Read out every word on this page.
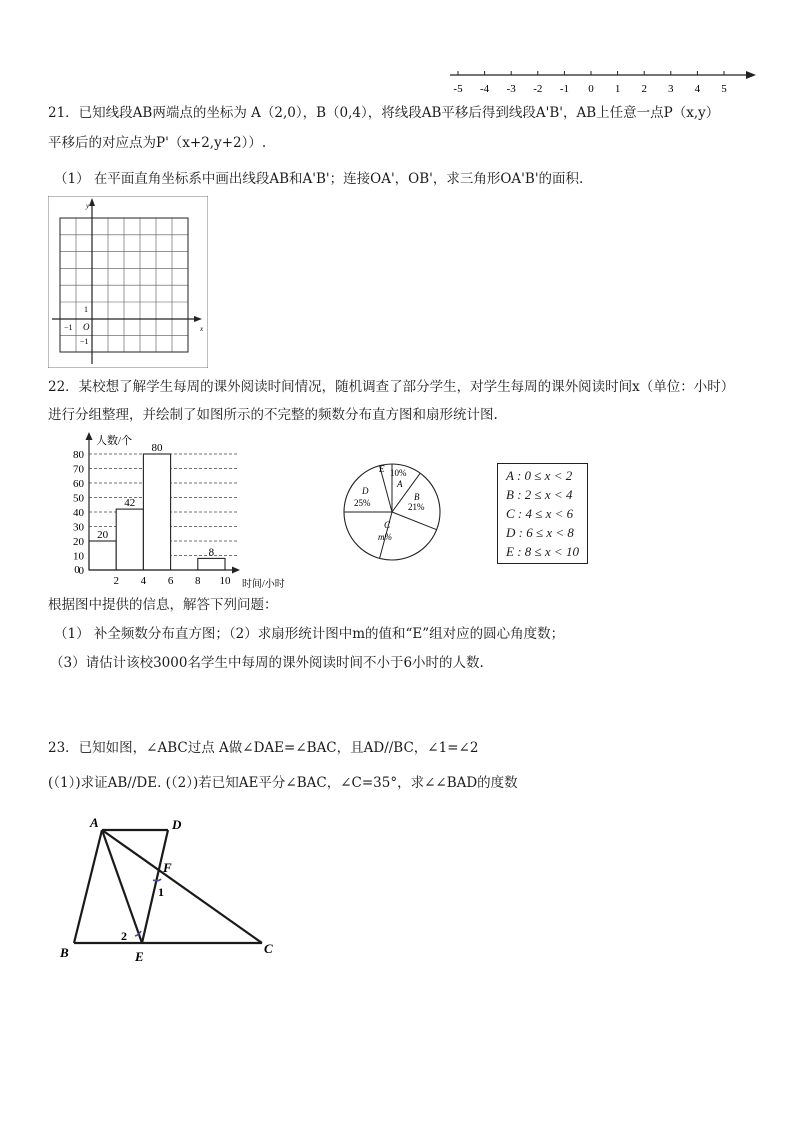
-5 -4 -3 -2 -1 0 1 2 3 4 5
21．已知线段AB两端点的坐标为 A（2,0），B（0,4），将线段AB平移后得到线段A'B'，AB上任意一点P（x,y）
平移后的对应点为P'（x+2,y+2））.
（1） 在平面直角坐标系中画出线段AB和A'B'；连接OA'，OB'，求三角形OA'B'的面积.
y
x
O
1
−1
−1
22．某校想了解学生每周的课外阅读时间情况，随机调查了部分学生，对学生每周的课外阅读时间x（单位：小时）
进行分组整理，并绘制了如图所示的不完整的频数分布直方图和扇形统计图.
20
42
80
8
0
10
20
30
40
50
60
70
80
0
2 4 6 8 10
人数/个
时间/小时
E 10%
A
B
21%
D
25%
C
m%
A : 0 ≤ x < 2
B : 2 ≤ x < 4
C : 4 ≤ x < 6
D : 6 ≤ x < 8
E : 8 ≤ x < 10
根据图中提供的信息，解答下列问题：
（1） 补全频数分布直方图；（2）求扇形统计图中m的值和“E”组对应的圆心角度数；
（3）请估计该校3000名学生中每周的课外阅读时间不小于6小时的人数.
23．已知如图，∠ABC过点 A做∠DAE=∠BAC，且AD//BC，∠1=∠2
(（1）)求证AB//DE. (（2）)若已知AE平分∠BAC，∠C=35°，求∠∠BAD的度数
A	D
F
B	E
C
1
2
